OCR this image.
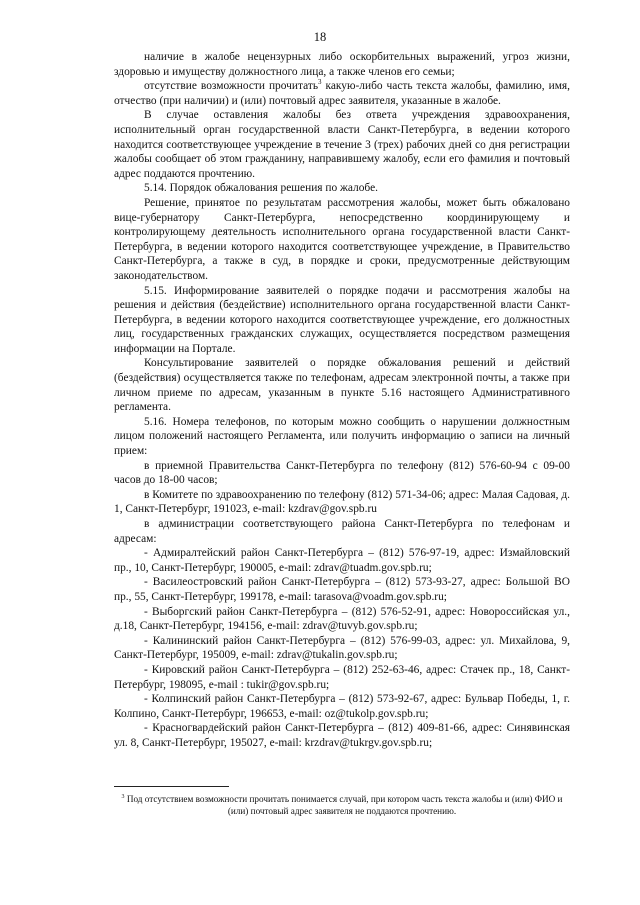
18

наличие в жалобе нецензурных либо оскорбительных выражений, угроз жизни, здоровью и имуществу должностного лица, а также членов его семьи;

отсутствие возможности прочитать$^3$ какую-либо часть текста жалобы, фамилию, имя, отчество (при наличии) и (или) почтовый адрес заявителя, указанные в жалобе.

В случае оставления жалобы без ответа учреждения здравоохранения, исполнительный орган государственной власти Санкт-Петербурга, в ведении которого находится соответствующее учреждение в течение 3 (трех) рабочих дней со дня регистрации жалобы сообщает об этом гражданину, направившему жалобу, если его фамилия и почтовый адрес поддаются прочтению.

5.14. Порядок обжалования решения по жалобе.

Решение, принятое по результатам рассмотрения жалобы, может быть обжаловано вице-губернатору Санкт-Петербурга, непосредственно координирующему и контролирующему деятельность исполнительного органа государственной власти Санкт-Петербурга, в ведении которого находится соответствующее учреждение, в Правительство Санкт-Петербурга, а также в суд, в порядке и сроки, предусмотренные действующим законодательством.

5.15. Информирование заявителей о порядке подачи и рассмотрения жалобы на решения и действия (бездействие) исполнительного органа государственной власти Санкт-Петербурга, в ведении которого находится соответствующее учреждение, его должностных лиц, государственных гражданских служащих, осуществляется посредством размещения информации на Портале.

Консультирование заявителей о порядке обжалования решений и действий (бездействия) осуществляется также по телефонам, адресам электронной почты, а также при личном приеме по адресам, указанным в пункте 5.16 настоящего Административного регламента.

5.16. Номера телефонов, по которым можно сообщить о нарушении должностным лицом положений настоящего Регламента, или получить информацию о записи на личный прием:

в приемной Правительства Санкт-Петербурга по телефону (812) 576-60-94 с 09-00 часов до 18-00 часов;

в Комитете по здравоохранению по телефону (812) 571-34-06; адрес: Малая Садовая, д. 1, Санкт-Петербург, 191023, e-mail: kzdrav@gov.spb.ru

в администрации соответствующего района Санкт-Петербурга по телефонам и адресам:

- Адмиралтейский район Санкт-Петербурга – (812) 576-97-19, адрес: Измайловский пр., 10, Санкт-Петербург, 190005, e-mail: zdrav@tuadm.gov.spb.ru;

- Василеостровский район Санкт-Петербурга – (812) 573-93-27, адрес: Большой ВО пр., 55, Санкт-Петербург, 199178, e-mail: tarasova@voadm.gov.spb.ru;

- Выборгский район Санкт-Петербурга – (812) 576-52-91, адрес: Новороссийская ул., д.18, Санкт-Петербург, 194156, e-mail: zdrav@tuvyb.gov.spb.ru;

- Калининский район Санкт-Петербурга – (812) 576-99-03, адрес: ул. Михайлова, 9, Санкт-Петербург, 195009, e-mail: zdrav@tukalin.gov.spb.ru;

- Кировский район Санкт-Петербурга – (812) 252-63-46, адрес: Стачек пр., 18, Санкт-Петербург, 198095, e-mail : tukir@gov.spb.ru;

- Колпинский район Санкт-Петербурга – (812) 573-92-67, адрес: Бульвар Победы, 1, г. Колпино, Санкт-Петербург, 196653, e-mail: oz@tukolp.gov.spb.ru;

- Красногвардейский район Санкт-Петербурга – (812) 409-81-66, адрес: Синявинская ул. 8, Санкт-Петербург, 195027, e-mail: krzdrav@tukrgv.gov.spb.ru;

$^3$ Под отсутствием возможности прочитать понимается случай, при котором часть текста жалобы и (или) ФИО и (или) почтовый адрес заявителя не поддаются прочтению.
